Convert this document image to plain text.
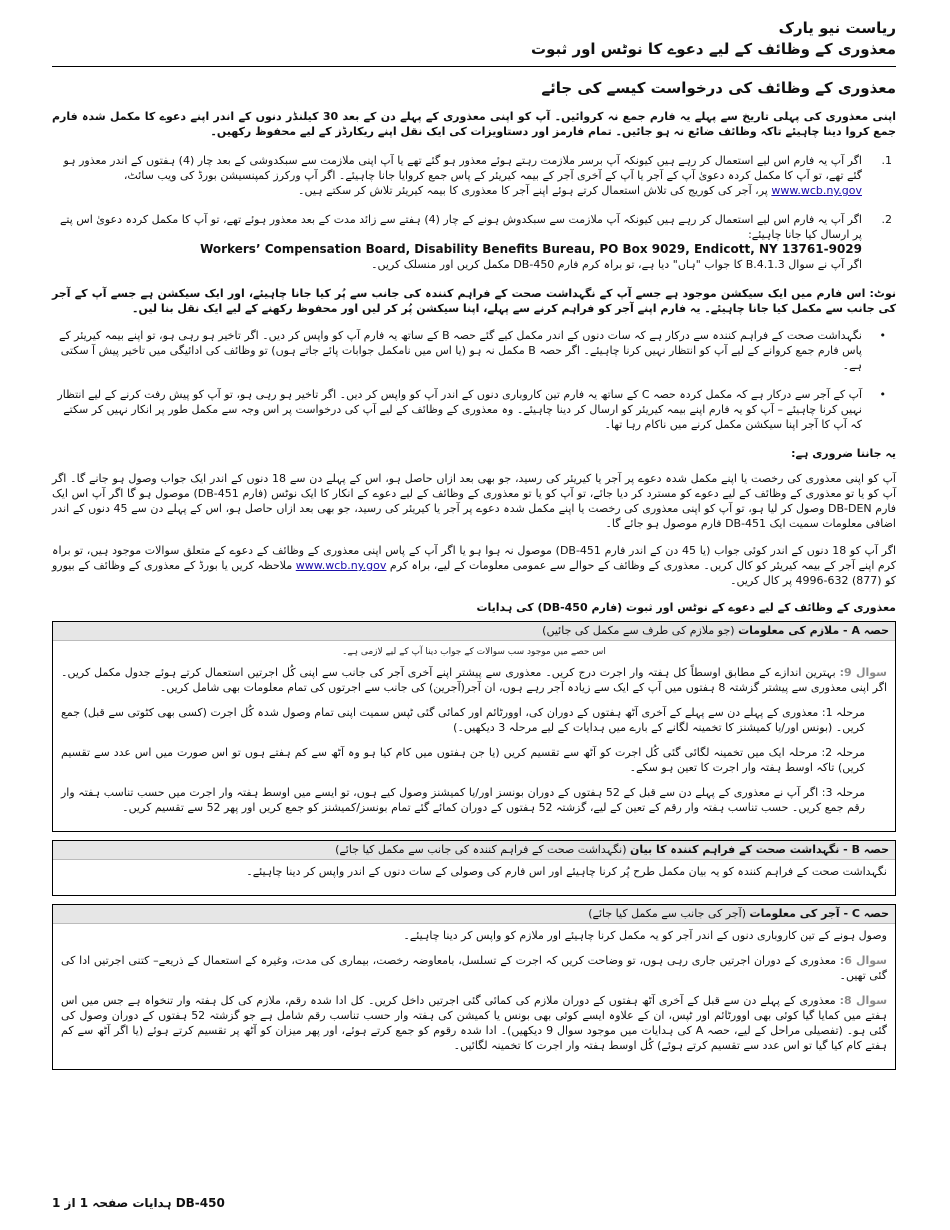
ریاست نیو یارک

معذوری کے وظائف کے لیے دعوے کا نوٹس اور ثبوت

معذوری کے وظائف کی درخواست کیسے کی جائے

اپنی معذوری کی پہلی تاریخ سے پہلے یہ فارم جمع نہ کروائیں۔ آپ کو اپنی معذوری کے پہلے دن کے بعد 30 کیلنڈر دنوں کے اندر اپنے دعوے کا مکمل شدہ فارم جمع کروا دینا چاہیئے تاکہ وظائف ضائع نہ ہو جائیں۔ تمام فارمز اور دستاویزات کی ایک نقل اپنے ریکارڈز کے لیے محفوظ رکھیں۔

1.
اگر آپ یہ فارم اس لیے استعمال کر رہے ہیں کیونکہ آپ برسر ملازمت رہتے ہوئے معذور ہو گئے تھے یا آپ اپنی ملازمت سے سبکدوشی کے بعد چار (4) ہفتوں کے اندر معذور ہو گئے تھے، تو آپ کا مکمل کردہ دعویٰ آپ کے آجر یا آپ کے آخری آجر کے بیمہ کیریئر کے پاس جمع کروایا جانا چاہیئے۔ اگر آپ ورکرز کمپنسیشن بورڈ کی ویب سائٹ، www.wcb.ny.gov پر، آجر کی کوریج کی تلاش استعمال کرتے ہوئے اپنے آجر کا معذوری کا بیمہ کیریئر تلاش کر سکتے ہیں۔
2.
اگر آپ یہ فارم اس لیے استعمال کر رہے ہیں کیونکہ آپ ملازمت سے سبکدوش ہونے کے چار (4) ہفتے سے زائد مدت کے بعد معذور ہوئے تھے، تو آپ کا مکمل کردہ دعویٰ اس پتے پر ارسال کیا جانا چاہیئے:
Workers’ Compensation Board, Disability Benefits Bureau, PO Box 9029, Endicott, NY 13761-9029
اگر آپ نے سوال 1.3.B.4 کا جواب "ہاں" دیا ہے، تو براہ کرم فارم DB-450 مکمل کریں اور منسلک کریں۔

نوٹ: اس فارم میں ایک سیکشن موجود ہے جسے آپ کے نگہداشت صحت کے فراہم کنندہ کی جانب سے پُر کیا جانا چاہیئے، اور ایک سیکشن ہے جسے آپ کے آجر کی جانب سے مکمل کیا جانا چاہیئے۔ یہ فارم اپنے آجر کو فراہم کرنے سے پہلے، اپنا سیکشن پُر کر لیں اور محفوظ رکھنے کے لیے ایک نقل بنا لیں۔

•
نگہداشت صحت کے فراہم کنندہ سے درکار ہے کہ سات دنوں کے اندر مکمل کیے گئے حصہ B کے ساتھ یہ فارم آپ کو واپس کر دیں۔ اگر تاخیر ہو رہی ہو، تو اپنے بیمہ کیریئر کے پاس فارم جمع کروانے کے لیے آپ کو انتظار نہیں کرنا چاہیئے۔ اگر حصہ B مکمل نہ ہو (یا اس میں نامکمل جوابات پائے جاتے ہوں) تو وظائف کی ادائیگی میں تاخیر پیش آ سکتی ہے۔
•
آپ کے آجر سے درکار ہے کہ مکمل کردہ حصہ C کے ساتھ یہ فارم تین کاروباری دنوں کے اندر آپ کو واپس کر دیں۔ اگر تاخیر ہو رہی ہو، تو آپ کو پیش رفت کرنے کے لیے انتظار نہیں کرنا چاہیئے – آپ کو یہ فارم اپنے بیمہ کیریئر کو ارسال کر دینا چاہیئے۔ وہ معذوری کے وظائف کے لیے آپ کی درخواست پر اس وجہ سے مکمل طور پر انکار نہیں کر سکتے کہ آپ کا آجر اپنا سیکشن مکمل کرنے میں ناکام رہا تھا۔

یہ جاننا ضروری ہے:

آپ کو اپنی معذوری کی رخصت یا اپنے مکمل شدہ دعوے پر آجر یا کیریئر کی رسید، جو بھی بعد ازاں حاصل ہو، اس کے پہلے دن سے 18 دنوں کے اندر ایک جواب وصول ہو جانے گا۔ اگر آپ کو یا تو معذوری کے وظائف کے لیے دعوے کو مسترد کر دیا جائے، تو آپ کو یا تو معذوری کے وظائف کے لیے دعوے کے انکار کا ایک نوٹس (فارم DB-451) موصول ہو گا اگر آپ اس ایک فارم DB-DEN وصول کر لیا ہو، تو آپ کو اپنی معذوری کی رخصت یا اپنے مکمل شدہ دعوے پر آجر یا کیریئر کی رسید، جو بھی بعد ازاں حاصل ہو، اس کے پہلے دن سے 45 دنوں کے اندر اضافی معلومات سمیت ایک DB-451 فارم موصول ہو جائے گا۔

اگر آپ کو 18 دنوں کے اندر کوئی جواب (یا 45 دن کے اندر فارم DB-451) موصول نہ ہوا ہو یا اگر آپ کے پاس اپنی معذوری کے وظائف کے دعوے کے متعلق سوالات موجود ہیں، تو براہ کرم اپنے آجر کے بیمہ کیریئر کو کال کریں۔ معذوری کے وظائف کے حوالے سے عمومی معلومات کے لیے، براہ کرم www.wcb.ny.gov ملاحظہ کریں یا بورڈ کے معذوری کے وظائف کے بیورو کو (877) 632-4996 پر کال کریں۔

معذوری کے وظائف کے لیے دعوے کے نوٹس اور ثبوت (فارم DB-450) کی ہدایات

حصہ A - ملازم کی معلومات (جو ملازم کی طرف سے مکمل کی جائیں)
اس حصے میں موجود سب سوالات کے جواب دینا آپ کے لیے لازمی ہے۔

سوال 9: بہترین اندازے کے مطابق اوسطاً کل ہفتہ وار اجرت درج کریں۔ معذوری سے پیشتر اپنے آخری آجر کی جانب سے اپنی کُل اجرتیں استعمال کرتے ہوئے جدول مکمل کریں۔ اگر اپنی معذوری سے پیشتر گزشتہ 8 ہفتوں میں آپ کے ایک سے زیادہ آجر رہے ہوں، ان آجر(آجرین) کی جانب سے اجرتوں کی تمام معلومات بھی شامل کریں۔

مرحلہ 1: معذوری کے پہلے دن سے پہلے کے آخری آٹھ ہفتوں کے دوران کی، اوورٹائم اور کمائی گئی ٹپس سمیت اپنی تمام وصول شدہ کُل اجرت (کسی بھی کٹوتی سے قبل) جمع کریں۔ (بونس اور/یا کمیشنز کا تخمینہ لگانے کے بارے میں ہدایات کے لیے مرحلہ 3 دیکھیں۔)

مرحلہ 2: مرحلہ ایک میں تخمینہ لگائی گئی کُل اجرت کو آٹھ سے تقسیم کریں (یا جن ہفتوں میں کام کیا ہو وہ آٹھ سے کم ہفتے ہوں تو اس صورت میں اس عدد سے تقسیم کریں) تاکہ اوسط ہفتہ وار اجرت کا تعین ہو سکے۔

مرحلہ 3: اگر آپ نے معذوری کے پہلے دن سے قبل کے 52 ہفتوں کے دوران بونسز اور/یا کمیشنز وصول کیے ہوں، تو ایسے میں اوسط ہفتہ وار اجرت میں حسب تناسب ہفتہ وار رقم جمع کریں۔ حسب تناسب ہفتہ وار رقم کے تعین کے لیے، گزشتہ 52 ہفتوں کے دوران کمائے گئے تمام بونسز/کمیشنز کو جمع کریں اور پھر 52 سے تقسیم کریں۔

حصہ B - نگہداشت صحت کے فراہم کنندہ کا بیان (نگہداشت صحت کے فراہم کنندہ کی جانب سے مکمل کیا جائے)

نگہداشت صحت کے فراہم کنندہ کو یہ بیان مکمل طرح پُر کرنا چاہیئے اور اس فارم کی وصولی کے سات دنوں کے اندر واپس کر دینا چاہیئے۔

حصہ C - آجر کی معلومات (آجر کی جانب سے مکمل کیا جائے)

وصول ہونے کے تین کاروباری دنوں کے اندر آجر کو یہ مکمل کرنا چاہیئے اور ملازم کو واپس کر دینا چاہیئے۔

سوال 6: معذوری کے دوران اجرتیں جاری رہی ہوں، تو وضاحت کریں کہ اجرت کے تسلسل، بامعاوضہ رخصت، بیماری کی مدت، وغیرہ کے استعمال کے ذریعے– کتنی اجرتیں ادا کی گئی تھیں۔

سوال 8: معذوری کے پہلے دن سے قبل کے آخری آٹھ ہفتوں کے دوران ملازم کی کمائی گئی اجرتیں داخل کریں۔ کل ادا شدہ رقم، ملازم کی کل ہفتہ وار تنخواہ ہے جس میں اس ہفتے میں کمایا گیا کوئی بھی اوورٹائم اور ٹپس، ان کے علاوہ ایسے کوئی بھی بونس یا کمیشن کی ہفتہ وار حسب تناسب رقم شامل ہے جو گزشتہ 52 ہفتوں کے دوران وصول کی گئی ہو۔ (تفصیلی مراحل کے لیے، حصہ A کی ہدایات میں موجود سوال 9 دیکھیں)۔ ادا شدہ رقوم کو جمع کرتے ہوئے، اور پھر میزان کو آٹھ پر تقسیم کرتے ہوئے (یا اگر آٹھ سے کم ہفتے کام کیا گیا تو اس عدد سے تقسیم کرتے ہوئے) کُل اوسط ہفتہ وار اجرت کا تخمینہ لگائیں۔

DB-450 ہدایات صفحہ 1 از 1
